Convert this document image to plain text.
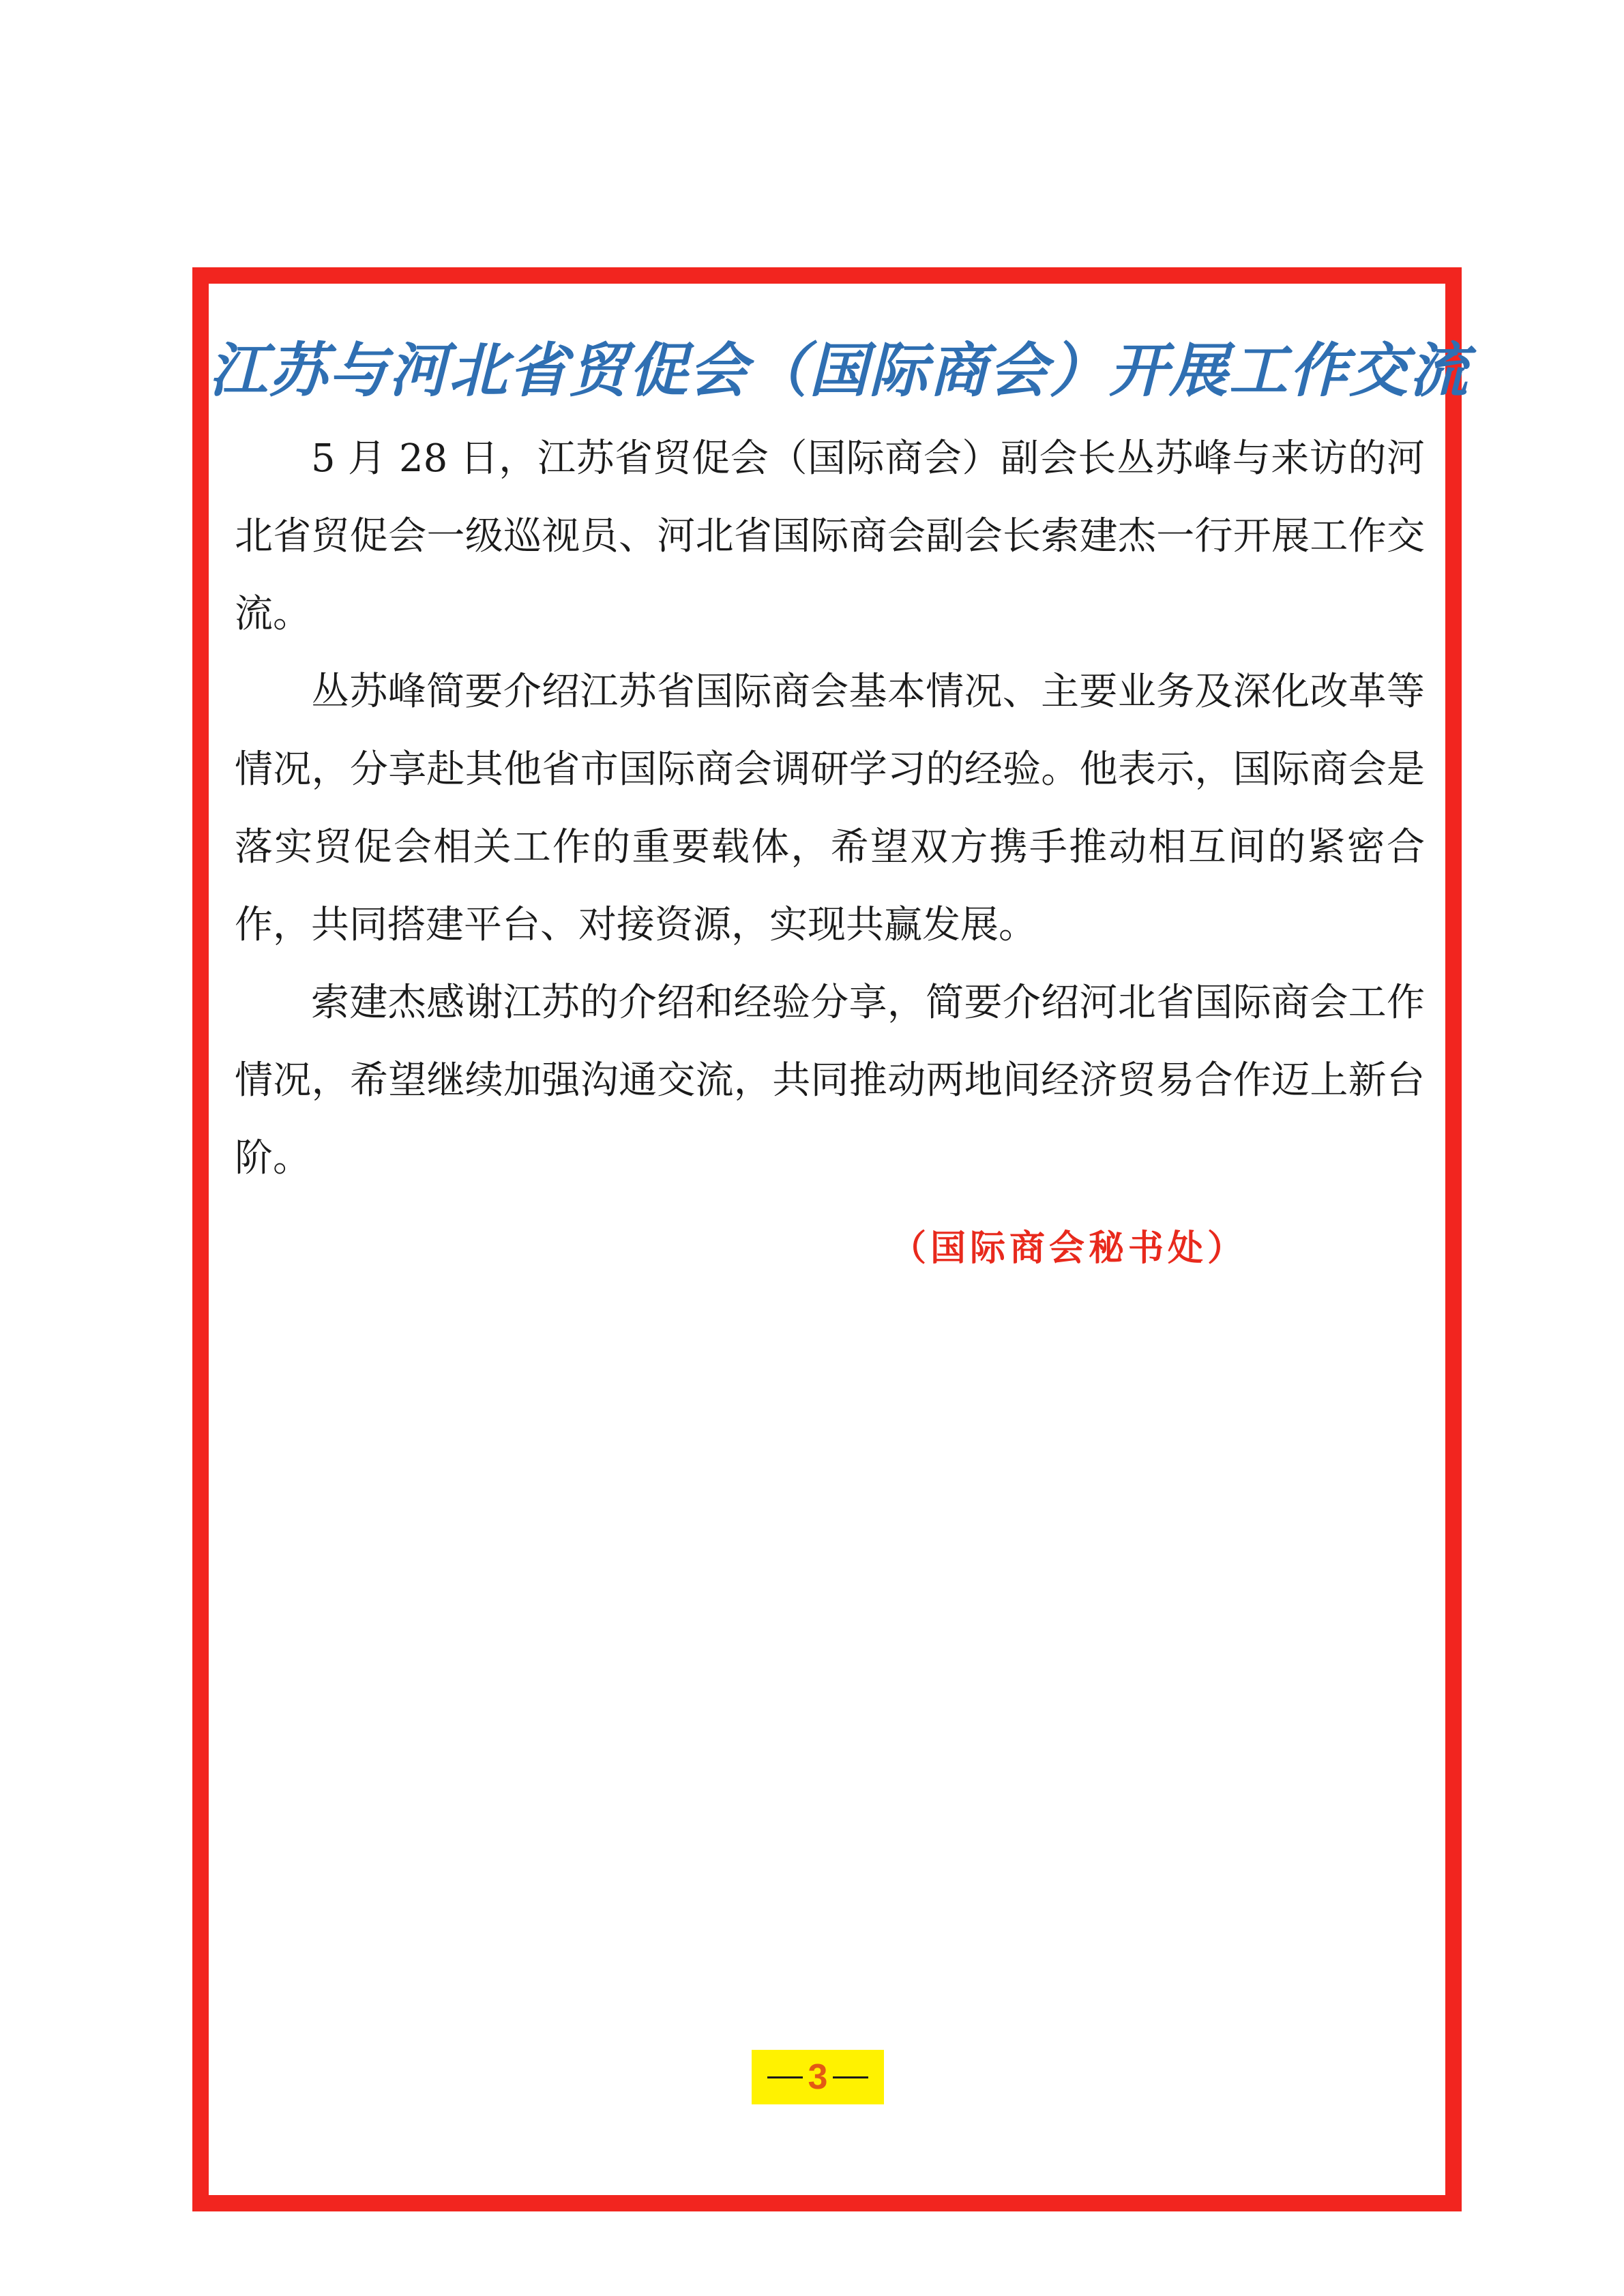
江苏与河北省贸促会（国际商会）开展工作交流

5 月 28 日，江苏省贸促会（国际商会）副会长丛苏峰与来访的河北省贸促会一级巡视员、河北省国际商会副会长索建杰一行开展工作交流。

丛苏峰简要介绍江苏省国际商会基本情况、主要业务及深化改革等情况，分享赴其他省市国际商会调研学习的经验。他表示，国际商会是落实贸促会相关工作的重要载体，希望双方携手推动相互间的紧密合作，共同搭建平台、对接资源，实现共赢发展。

索建杰感谢江苏的介绍和经验分享，简要介绍河北省国际商会工作情况，希望继续加强沟通交流，共同推动两地间经济贸易合作迈上新台阶。

（国际商会秘书处）
3
